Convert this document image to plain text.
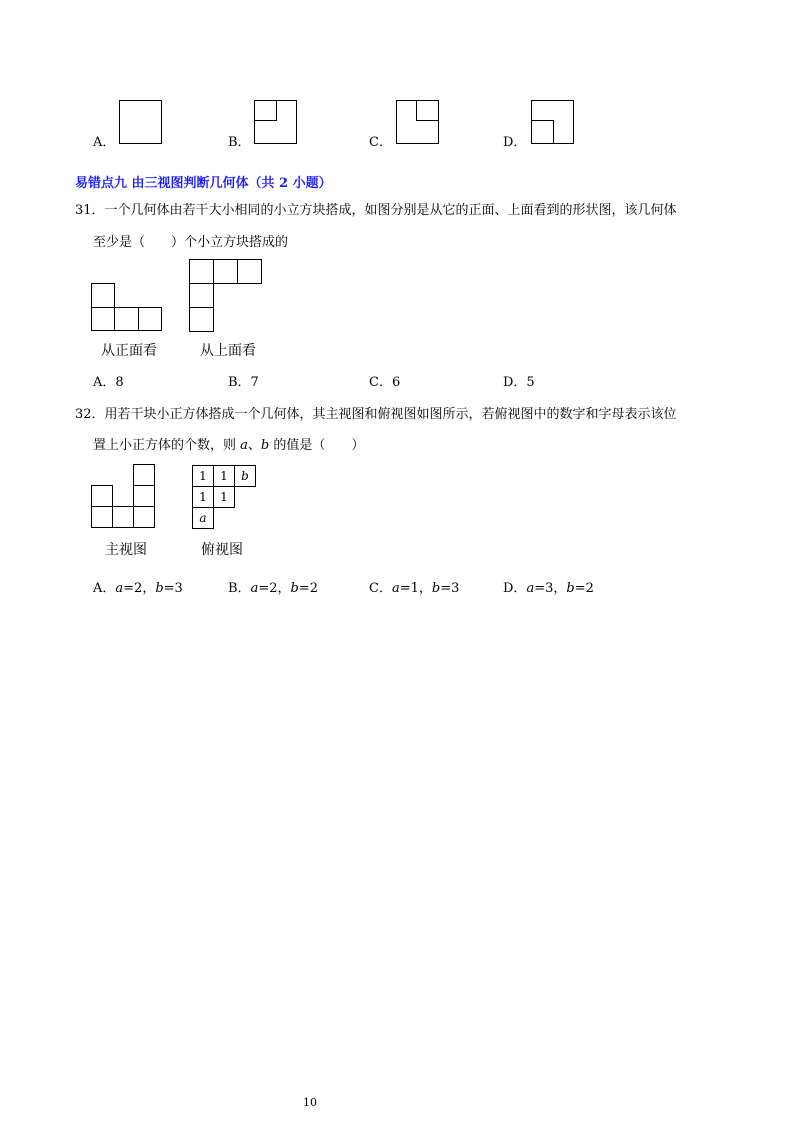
A．	B．	C．	D．
易错点九 由三视图判断几何体（共 2 小题）
31．一个几何体由若干大小相同的小立方块搭成，如图分别是从它的正面、上面看到的形状图，该几何体
至少是（　　）个小立方块搭成的
从正面看	从上面看
A．8	B．7	C．6	D．5
32．用若干块小正方体搭成一个几何体，其主视图和俯视图如图所示，若俯视图中的数字和字母表示该位
置上小正方体的个数，则 a、b 的值是（　　）
主视图
1	1	b
1	1
a
俯视图
A．a=2，b=3	B．a=2，b=2	C．a=1，b=3	D．a=3，b=2
10
